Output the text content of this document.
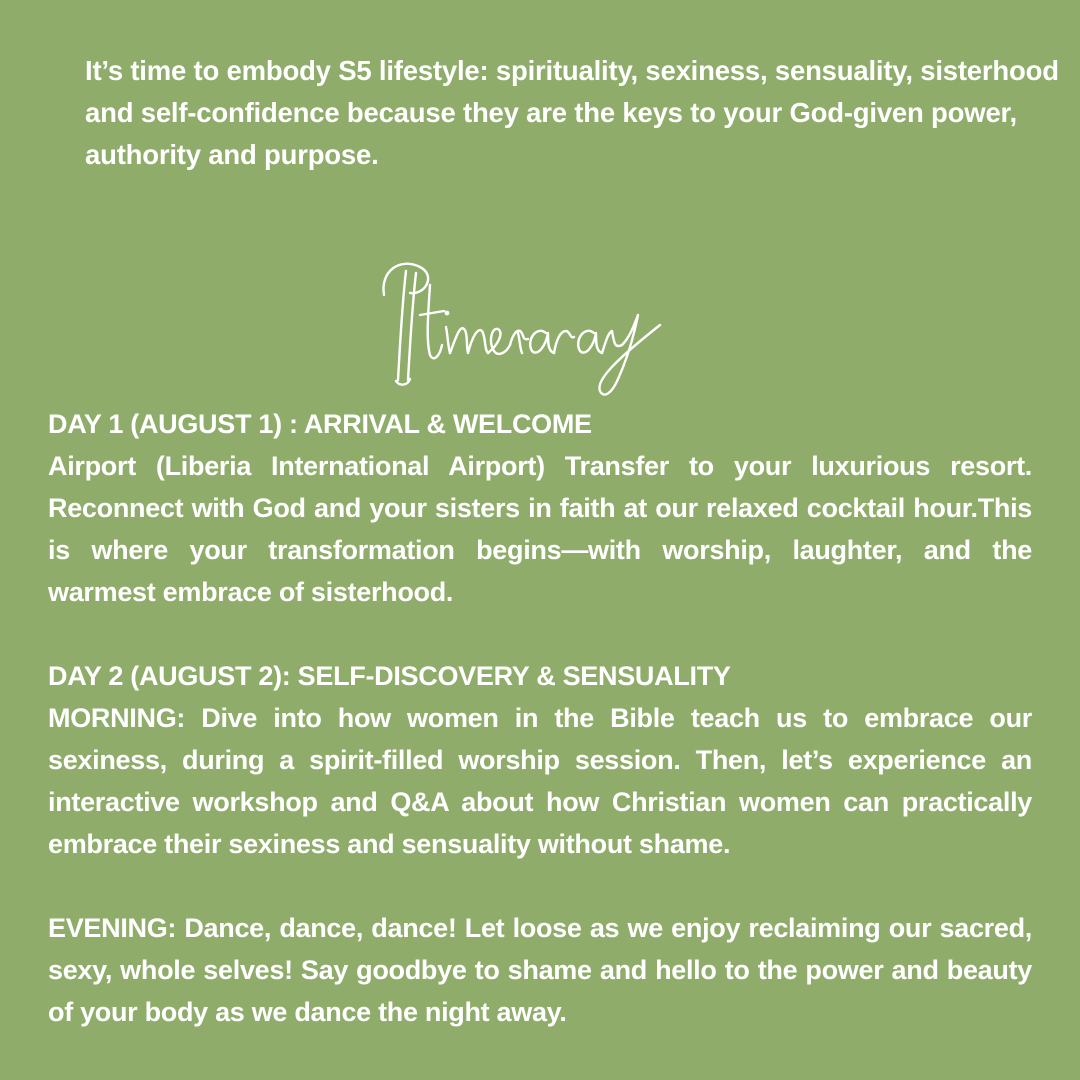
It’s time to embody S5 lifestyle: spirituality, sexiness, sensuality, sisterhood and self-confidence because they are the keys to your God-given power, authority and purpose.

DAY 1 (AUGUST 1) : ARRIVAL & WELCOME

Airport (Liberia International Airport) Transfer to your luxurious resort. Reconnect with God and your sisters in faith at our relaxed cocktail hour.This is where your transformation begins—with worship, laughter, and the warmest embrace of sisterhood.

DAY 2 (AUGUST 2): SELF-DISCOVERY & SENSUALITY

MORNING: Dive into how women in the Bible teach us to embrace our sexiness, during a spirit-filled worship session. Then, let’s experience an interactive workshop and Q&A about how Christian women can practically embrace their sexiness and sensuality without shame.

EVENING: Dance, dance, dance! Let loose as we enjoy reclaiming our sacred, sexy, whole selves! Say goodbye to shame and hello to the power and beauty of your body as we dance the night away.
